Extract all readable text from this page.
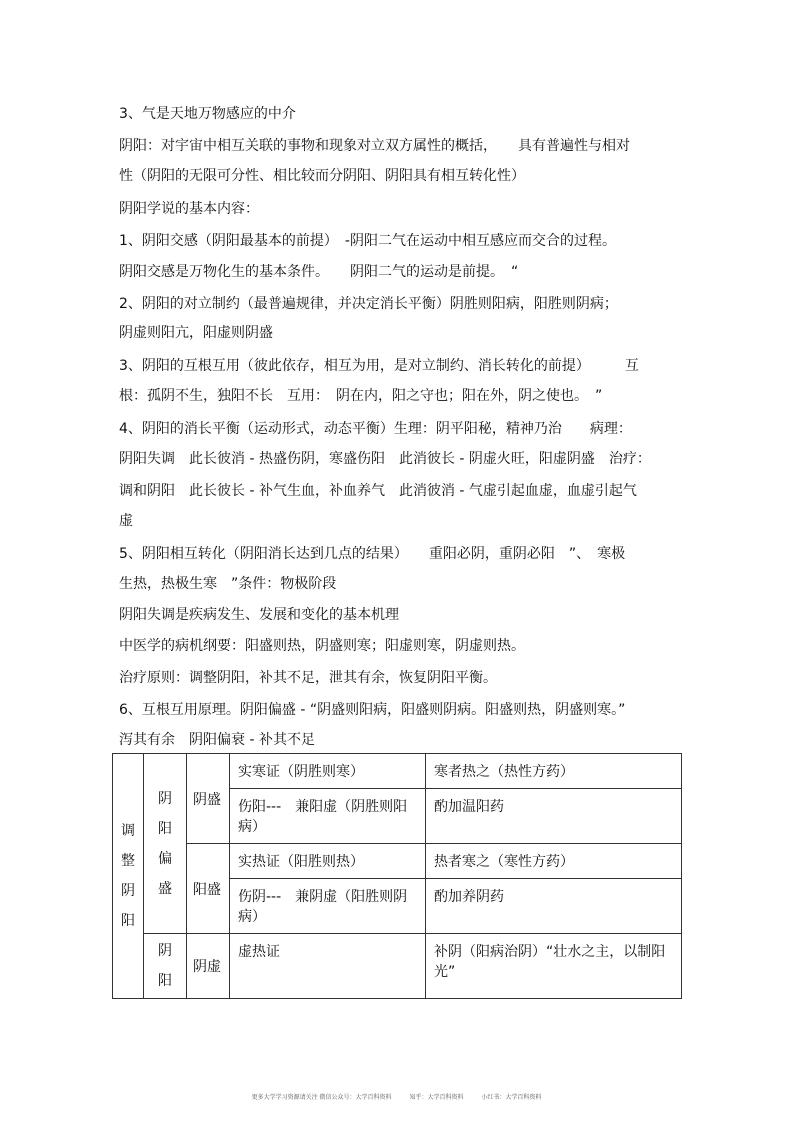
3、气是天地万物感应的中介
阴阳：对宇宙中相互关联的事物和现象对立双方属性的概括，　　具有普遍性与相对
性（阴阳的无限可分性、相比较而分阴阳、阴阳具有相互转化性）
阴阳学说的基本内容：
1、阴阳交感（阴阳最基本的前提）　-阴阳二气在运动中相互感应而交合的过程。
阴阳交感是万物化生的基本条件。　　阴阳二气的运动是前提。　“
2、阴阳的对立制约（最普遍规律，并决定消长平衡）阴胜则阳病，阳胜则阴病；
阴虚则阳亢，阳虚则阴盛
3、阴阳的互根互用（彼此依存，相互为用，是对立制约、消长转化的前提）　　　互
根：孤阴不生，独阳不长　互用：　阴在内，阳之守也；阳在外，阴之使也。　”
4、阴阳的消长平衡（运动形式，动态平衡）生理：阴平阳秘，精神乃治　　病理：
阴阳失调　此长彼消 - 热盛伤阴，寒盛伤阳　此消彼长 - 阴虚火旺，阳虚阴盛　治疗：
调和阴阳　此长彼长 - 补气生血，补血养气　此消彼消 - 气虚引起血虚，血虚引起气
虚
5、阴阳相互转化（阴阳消长达到几点的结果）　　重阳必阴，重阴必阳　”、　寒极
生热，热极生寒　”条件：物极阶段
阴阳失调是疾病发生、发展和变化的基本机理
中医学的病机纲要：阳盛则热，阴盛则寒；阳虚则寒，阴虚则热。
治疗原则：调整阴阳，补其不足，泄其有余，恢复阴阳平衡。
6、互根互用原理。阴阳偏盛 - “阴盛则阳病，阳盛则阴病。阳盛则热，阴盛则寒。”
泻其有余　阴阳偏衰 - 补其不足
调整阴阳	阴阳偏盛	阴盛	实寒证（阴胜则寒）	寒者热之（热性方药）
			伤阳---　兼阳虚（阴胜则阳病）	酌加温阳药
		阳盛	实热证（阳胜则热）	热者寒之（寒性方药）
			伤阴---　兼阴虚（阳胜则阴病）	酌加养阴药

	阴阳	阴虚	虚热证	补阴（阳病治阴）“壮水之主，以制阳光”

更多大学学习资源请关注 微信公众号：大学百科资料	知乎：大学百科资料	小红书：大学百科资料
